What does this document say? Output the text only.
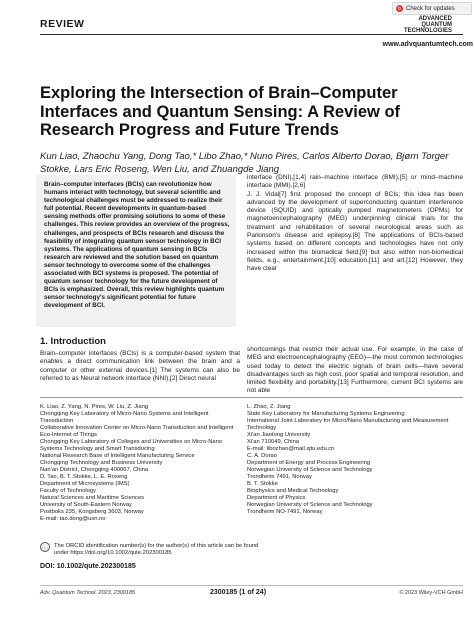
↻ Check for updates
REVIEW	ADVANCED
QUANTUM
TECHNOLOGIES
www.advquantumtech.com
Exploring the Intersection of Brain–Computer Interfaces and Quantum Sensing: A Review of Research Progress and Future Trends
Kun Liao, Zhaochu Yang, Dong Tao,* Libo Zhao,* Nuno Pires, Carlos Alberto Dorao, Bjørn Torger Stokke, Lars Eric Roseng, Wen Liu, and Zhuangde Jiang
Brain–computer interfaces (BCIs) can revolutionize how humans interact with technology, but several scientific and technological challenges must be addressed to realize their full potential. Recent developments in quantum-based sensing methods offer promising solutions to some of these challenges. This review provides an overview of the progress, challenges, and prospects of BCIs research and discuss the feasibility of integrating quantum sensor technology in BCI systems. The applications of quantum sensing in BCIs research are reviewed and the solution based on quantum sensor technology to overcome some of the challenges associated with BCI systems is proposed. The potential of quantum sensor technology for the future development of BCIs is emphasized. Overall, this review highlights quantum sensor technology's significant potential for future development of BCI.
interface (DNI),[1,4] rain–machine interface (BMI),[5] or mind–machine interface (MMI).[2,6]
J. J. Vidal[7] first proposed the concept of BCIs; this idea has been advanced by the development of superconducting quantum interference device (SQUID) and optically pumped magnetometers (OPMs) for magnetoencephalography (MEG) underpinning clinical trials for the treatment and rehabilitation of several neurological areas such as Parkinson's disease and epilepsy.[8] The applications of BCIs-based systems based on different concepts and technologies have not only increased within the biomedical field,[9] but also within non-biomedical fields, e.g., entertainment,[10] education,[11] and art.[12] However, they have clear
1. Introduction
Brain–computer interfaces (BCIs) is a computer-based system that enables a direct communication link between the brain and a computer or other external devices.[1] The systems can also be referred to as Neural network interface (NNI),[2] Direct neural
shortcomings that restrict their actual use. For example, in the case of MEG and electroencephalography (EEG)—the most common technologies used today to detect the electric signals of brain cells—have several disadvantages such as high cost, poor spatial and temporal resolution, and limited flexibility and portability.[13] Furthermore, current BCI systems are not able
K. Liao, Z. Yang, N. Pires, W. Liu, Z. Jiang
Chongqing Key Laboratory of Micro-Nano Systems and Intelligent Transduction
Collaborative Innovation Center on Micro-Nano Transduction and Intelligent Eco-Internet of Things
Chongqing Key Laboratory of Colleges and Universities on Micro-Nano Systems Technology and Smart Transducing
National Research Base of Intelligent Manufacturing Service
Chongqing Technology and Business University
Nan'an District, Chongqing 400067, China
D. Tao, B. T. Stokke, L. E. Roseng
Department of Microsystems (IMS)
Faculty of Technology
Natural Sciences and Maritime Sciences
University of South-Eastern Norway
Postboks 235, Kongsberg 3603, Norway
E-mail: tao.dong@usn.no
L. Zhao, Z. Jiang
State Key Laboratory for Manufacturing Systems Engineering
International Joint Laboratory for Micro/Nano Manufacturing and Measurement Technology
Xi'an Jiaotong University
Xi'an 710049, China
E-mail: libozhao@mail.xjtu.edu.cn
C. A. Dorao
Department of Energy and Process Engineering
Norwegian University of Science and Technology
Trondheim 7491, Norway
B. T. Stokke
Biophysics and Medical Technology
Department of Physics
Norwegian University of Science and Technology
Trondheim NO-7491, Norway
ⓘ	The ORCID identification number(s) for the author(s) of this article can be found under https://doi.org/10.1002/qute.202300185
DOI: 10.1002/qute.202300185
Adv. Quantum Technol. 2023, 2300185	2300185 (1 of 24)	© 2023 Wiley-VCH GmbH
